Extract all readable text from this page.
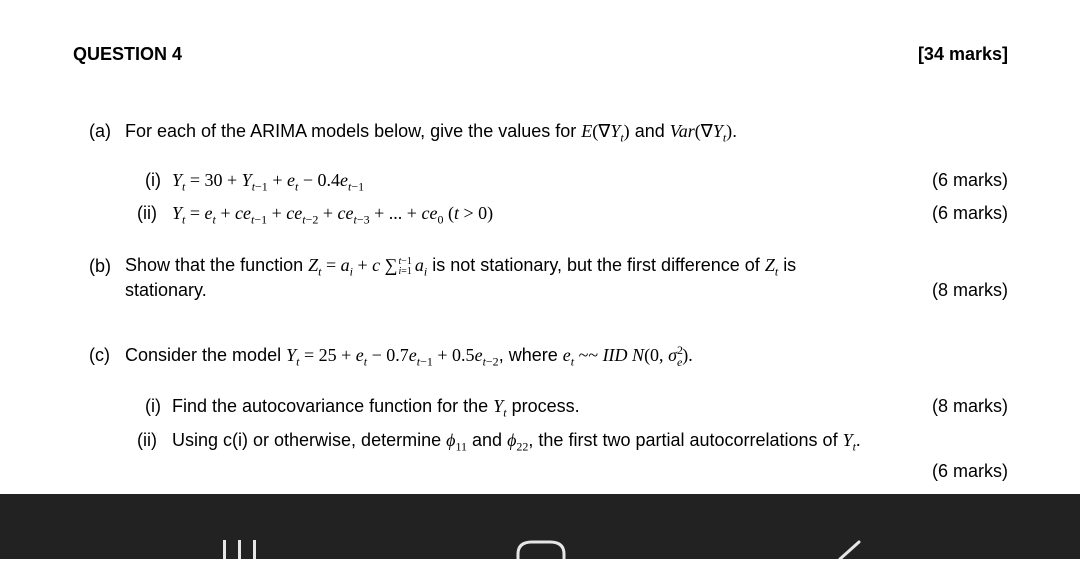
QUESTION 4	[34 marks]
(a) For each of the ARIMA models below, give the values for $E(\nabla Y_t)$ and $Var(\nabla Y_t)$.
(i) $Y_t = 30 + Y_{t-1} + e_t - 0.4e_{t-1}$	(6 marks)
(ii) $Y_t = e_t + ce_{t-1} + ce_{t-2} + ce_{t-3}$ + ... + $ce_0$ (t > 0)	(6 marks)
(b) Show that the function $Z_t = a_i + c$ ∑t−1
i=1 $a_i$ is not stationary, but the first difference of $Z_t$ is
stationary.	(8 marks)
(c) Consider the model $Y_t = 25 + e_t - 0.7e_{t-1} + 0.5e_{t-2}$, where $e_t$ ~~ IID N(0, $\sigma^2_e$).
(i) Find the autocovariance function for the $Y_t$ process.	(8 marks)
(ii) Using c(i) or otherwise, determine $\phi_{11}$ and $\phi_{22}$, the first two partial autocorrelations of $Y_t$.
(6 marks)
